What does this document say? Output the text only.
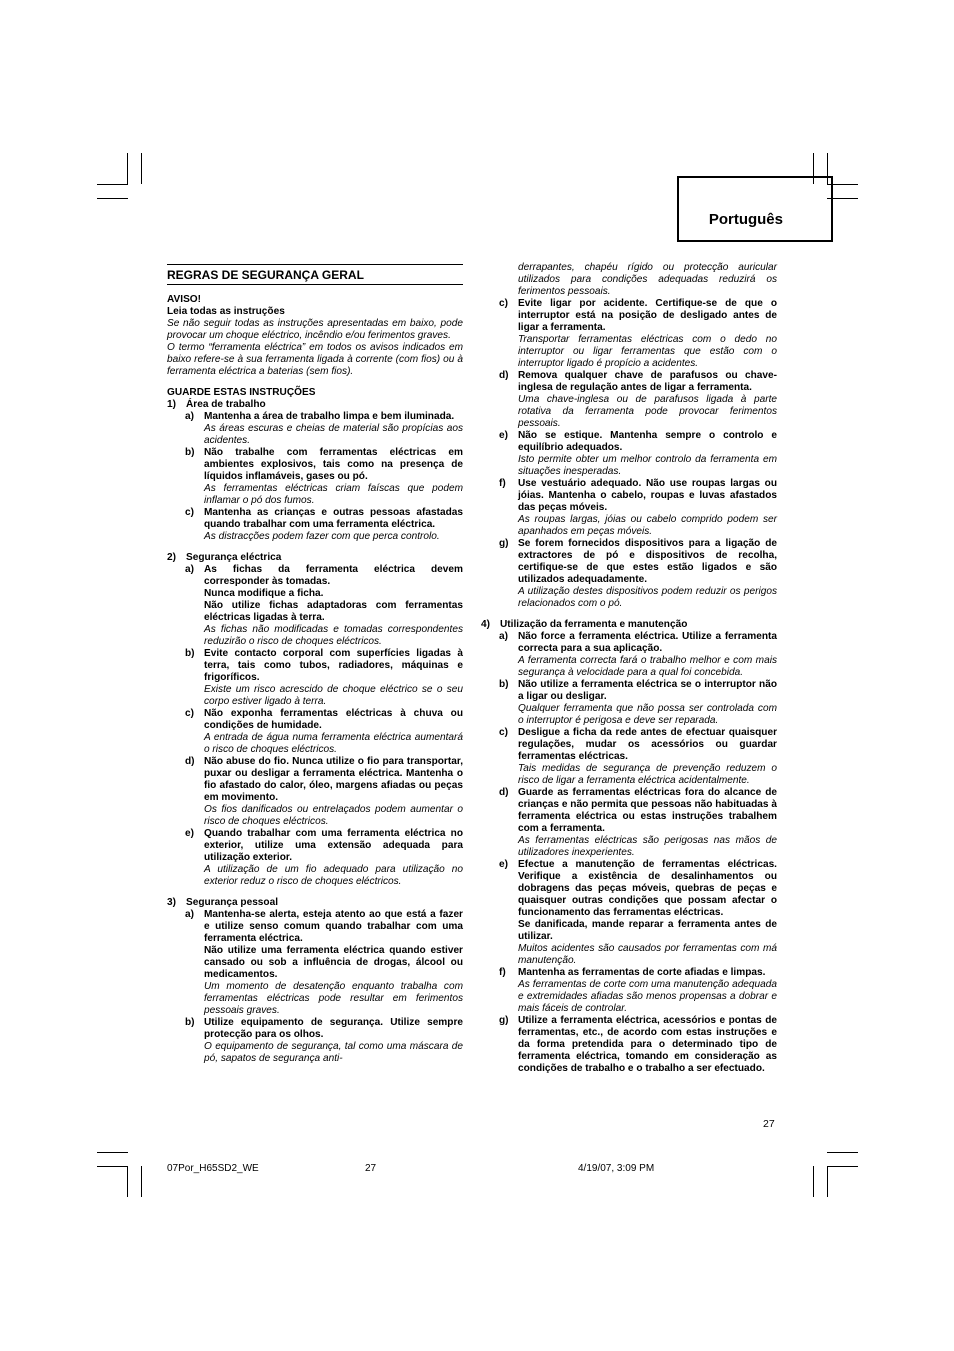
Português
REGRAS DE SEGURANÇA GERAL
AVISO!
Leia todas as instruções
Se não seguir todas as instruções apresentadas em baixo, pode provocar um choque eléctrico, incêndio e/ou ferimentos graves.
O termo “ferramenta eléctrica” em todos os avisos indicados em baixo refere-se à sua ferramenta ligada à corrente (com fios) ou à ferramenta eléctrica a baterias (sem fios).
GUARDE ESTAS INSTRUÇÕES
1) Área de trabalho
a) Mantenha a área de trabalho limpa e bem iluminada.
As áreas escuras e cheias de material são propícias aos acidentes.
b) Não trabalhe com ferramentas eléctricas em ambientes explosivos, tais como na presença de líquidos inflamáveis, gases ou pó.
As ferramentas eléctricas criam faíscas que podem inflamar o pó dos fumos.
c) Mantenha as crianças e outras pessoas afastadas quando trabalhar com uma ferramenta eléctrica.
As distracções podem fazer com que perca controlo.
2) Segurança eléctrica
a) As fichas da ferramenta eléctrica devem corresponder às tomadas.
Nunca modifique a ficha.
Não utilize fichas adaptadoras com ferramentas eléctricas ligadas à terra.
As fichas não modificadas e tomadas correspondentes reduzirão o risco de choques eléctricos.
b) Evite contacto corporal com superfícies ligadas à terra, tais como tubos, radiadores, máquinas e frigoríficos.
Existe um risco acrescido de choque eléctrico se o seu corpo estiver ligado à terra.
c) Não exponha ferramentas eléctricas à chuva ou condições de humidade.
A entrada de água numa ferramenta eléctrica aumentará o risco de choques eléctricos.
d) Não abuse do fio. Nunca utilize o fio para transportar, puxar ou desligar a ferramenta eléctrica. Mantenha o fio afastado do calor, óleo, margens afiadas ou peças em movimento.
Os fios danificados ou entrelaçados podem aumentar o risco de choques eléctricos.
e) Quando trabalhar com uma ferramenta eléctrica no exterior, utilize uma extensão adequada para utilização exterior.
A utilização de um fio adequado para utilização no exterior reduz o risco de choques eléctricos.
3) Segurança pessoal
a) Mantenha-se alerta, esteja atento ao que está a fazer e utilize senso comum quando trabalhar com uma ferramenta eléctrica.
Não utilize uma ferramenta eléctrica quando estiver cansado ou sob a influência de drogas, álcool ou medicamentos.
Um momento de desatenção enquanto trabalha com ferramentas eléctricas pode resultar em ferimentos pessoais graves.
b) Utilize equipamento de segurança. Utilize sempre protecção para os olhos.
O equipamento de segurança, tal como uma máscara de pó, sapatos de segurança anti-
derrapantes, chapéu rígido ou protecção auricular utilizados para condições adequadas reduzirá os ferimentos pessoais.
c) Evite ligar por acidente. Certifique-se de que o interruptor está na posição de desligado antes de ligar a ferramenta.
Transportar ferramentas eléctricas com o dedo no interruptor ou ligar ferramentas que estão com o interruptor ligado é propício a acidentes.
d) Remova qualquer chave de parafusos ou chave-inglesa de regulação antes de ligar a ferramenta.
Uma chave-inglesa ou de parafusos ligada à parte rotativa da ferramenta pode provocar ferimentos pessoais.
e) Não se estique. Mantenha sempre o controlo e equilíbrio adequados.
Isto permite obter um melhor controlo da ferramenta em situações inesperadas.
f)	Use vestuário adequado. Não use roupas largas ou jóias. Mantenha o cabelo, roupas e luvas afastados das peças móveis.
As roupas largas, jóias ou cabelo comprido podem ser apanhados em peças móveis.
g) Se forem fornecidos dispositivos para a ligação de extractores de pó e dispositivos de recolha, certifique-se de que estes estão ligados e são utilizados adequadamente.
A utilização destes dispositivos podem reduzir os perigos relacionados com o pó.
4) Utilização da ferramenta e manutenção
a) Não force a ferramenta eléctrica. Utilize a ferramenta correcta para a sua aplicação.
A ferramenta correcta fará o trabalho melhor e com mais segurança à velocidade para a qual foi concebida.
b) Não utilize a ferramenta eléctrica se o interruptor não a ligar ou desligar.
Qualquer ferramenta que não possa ser controlada com o interruptor é perigosa e deve ser reparada.
c) Desligue a ficha da rede antes de efectuar quaisquer regulações, mudar os acessórios ou guardar ferramentas eléctricas.
Tais medidas de segurança de prevenção reduzem o risco de ligar a ferramenta eléctrica acidentalmente.
d) Guarde as ferramentas eléctricas fora do alcance de crianças e não permita que pessoas não habituadas à ferramenta eléctrica ou estas instruções trabalhem com a ferramenta.
As ferramentas eléctricas são perigosas nas mãos de utilizadores inexperientes.
e) Efectue a manutenção de ferramentas eléctricas. Verifique a existência de desalinhamentos ou dobragens das peças móveis, quebras de peças e quaisquer outras condições que possam afectar o funcionamento das ferramentas eléctricas.
Se danificada, mande reparar a ferramenta antes de utilizar.
Muitos acidentes são causados por ferramentas com má manutenção.
f)	Mantenha as ferramentas de corte afiadas e limpas.
As ferramentas de corte com uma manutenção adequada e extremidades afiadas são menos propensas a dobrar e mais fáceis de controlar.
g) Utilize a ferramenta eléctrica, acessórios e pontas de ferramentas, etc., de acordo com estas instruções e da forma pretendida para o determinado tipo de ferramenta eléctrica, tomando em consideração as condições de trabalho e o trabalho a ser efectuado.
27
07Por_H65SD2_WE	27	4/19/07, 3:09 PM
